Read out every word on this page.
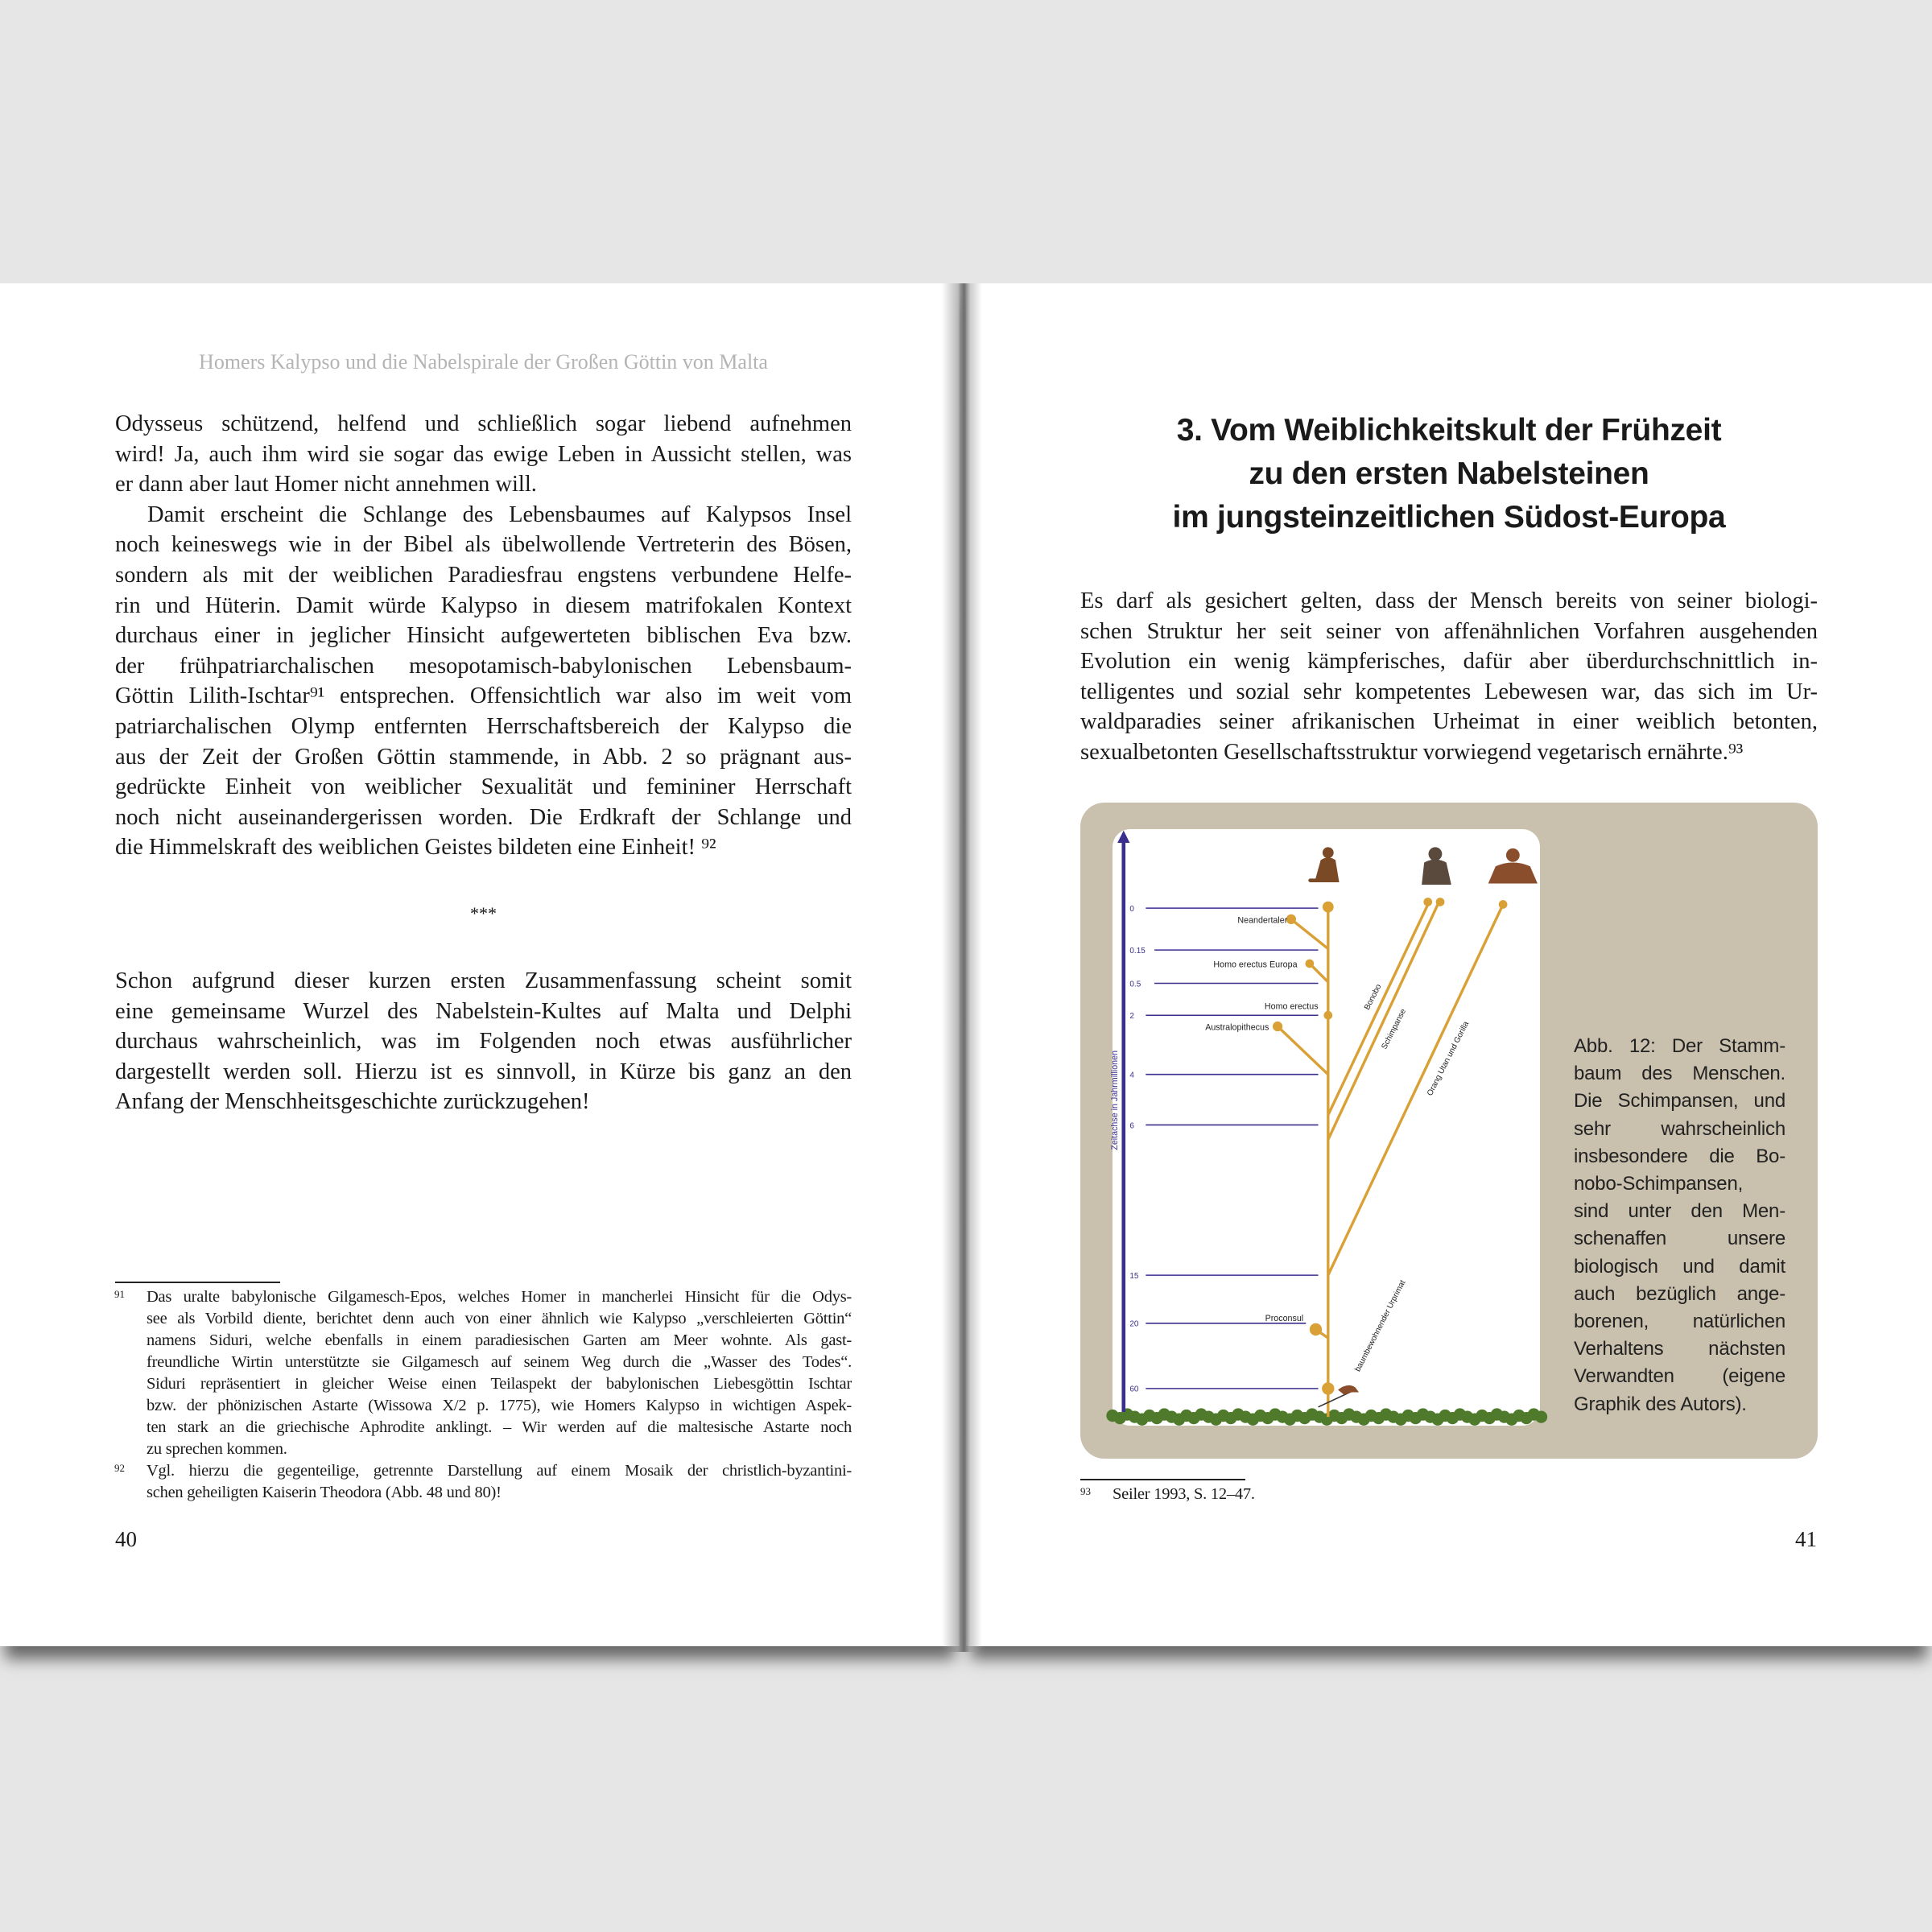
Homers Kalypso und die Nabelspirale der Großen Göttin von Malta
Odysseus schützend, helfend und schließlich sogar liebend aufnehmen
wird! Ja, auch ihm wird sie sogar das ewige Leben in Aussicht stellen, was
er dann aber laut Homer nicht annehmen will.
Damit erscheint die Schlange des Lebensbaumes auf Kalypsos Insel
noch keineswegs wie in der Bibel als übelwollende Vertreterin des Bösen,
sondern als mit der weiblichen Paradiesfrau engstens verbundene Helfe-
rin und Hüterin. Damit würde Kalypso in diesem matrifokalen Kontext
durchaus einer in jeglicher Hinsicht aufgewerteten biblischen Eva bzw.
der frühpatriarchalischen mesopotamisch-babylonischen Lebensbaum-
Göttin Lilith-Ischtar⁹¹ entsprechen. Offensichtlich war also im weit vom
patriarchalischen Olymp entfernten Herrschaftsbereich der Kalypso die
aus der Zeit der Großen Göttin stammende, in Abb. 2 so prägnant aus-
gedrückte Einheit von weiblicher Sexualität und femininer Herrschaft
noch nicht auseinandergerissen worden. Die Erdkraft der Schlange und
die Himmelskraft des weiblichen Geistes bildeten eine Einheit! ⁹²
***
Schon aufgrund dieser kurzen ersten Zusammenfassung scheint somit
eine gemeinsame Wurzel des Nabelstein-Kultes auf Malta und Delphi
durchaus wahrscheinlich, was im Folgenden noch etwas ausführlicher
dargestellt werden soll. Hierzu ist es sinnvoll, in Kürze bis ganz an den
Anfang der Menschheitsgeschichte zurückzugehen!
91 Das uralte babylonische Gilgamesch-Epos, welches Homer in mancherlei Hinsicht für die Odys-
see als Vorbild diente, berichtet denn auch von einer ähnlich wie Kalypso „verschleierten Göttin“
namens Siduri, welche ebenfalls in einem paradiesischen Garten am Meer wohnte. Als gast-
freundliche Wirtin unterstützte sie Gilgamesch auf seinem Weg durch die „Wasser des Todes“.
Siduri repräsentiert in gleicher Weise einen Teilaspekt der babylonischen Liebesgöttin Ischtar
bzw. der phönizischen Astarte (Wissowa X/2 p. 1775), wie Homers Kalypso in wichtigen Aspek-
ten stark an die griechische Aphrodite anklingt. – Wir werden auf die maltesische Astarte noch
zu sprechen kommen.
92 Vgl. hierzu die gegenteilige, getrennte Darstellung auf einem Mosaik der christlich-byzantini-
schen geheiligten Kaiserin Theodora (Abb. 48 und 80)!
40
3. Vom Weiblichkeitskult der Frühzeit
zu den ersten Nabelsteinen
im jungsteinzeitlichen Südost-Europa
Es darf als gesichert gelten, dass der Mensch bereits von seiner biologi-
schen Struktur her seit seiner von affenähnlichen Vorfahren ausgehenden
Evolution ein wenig kämpferisches, dafür aber überdurchschnittlich in-
telligentes und sozial sehr kompetentes Lebewesen war, das sich im Ur-
waldparadies seiner afrikanischen Urheimat in einer weiblich betonten,
sexualbetonten Gesellschaftsstruktur vorwiegend vegetarisch ernährte.⁹³
Zeitachse in Jahrmillionen
0
0.15
0.5
2
4
6
15
20
60
Neandertaler
Homo erectus Europa
Homo erectus
Australopithecus
Proconsul
Bonobo
Schimpanse	Orang Utan und Gorilla
baumbewohnender Urprimat
Abb. 12: Der Stamm-
baum des Menschen.
Die Schimpansen, und
sehr wahrscheinlich
insbesondere die Bo-
nobo-Schimpansen,
sind unter den Men-
schenaffen unsere
biologisch und damit
auch bezüglich ange-
borenen, natürlichen
Verhaltens nächsten
Verwandten (eigene
Graphik des Autors).
93 Seiler 1993, S. 12–47.
41
